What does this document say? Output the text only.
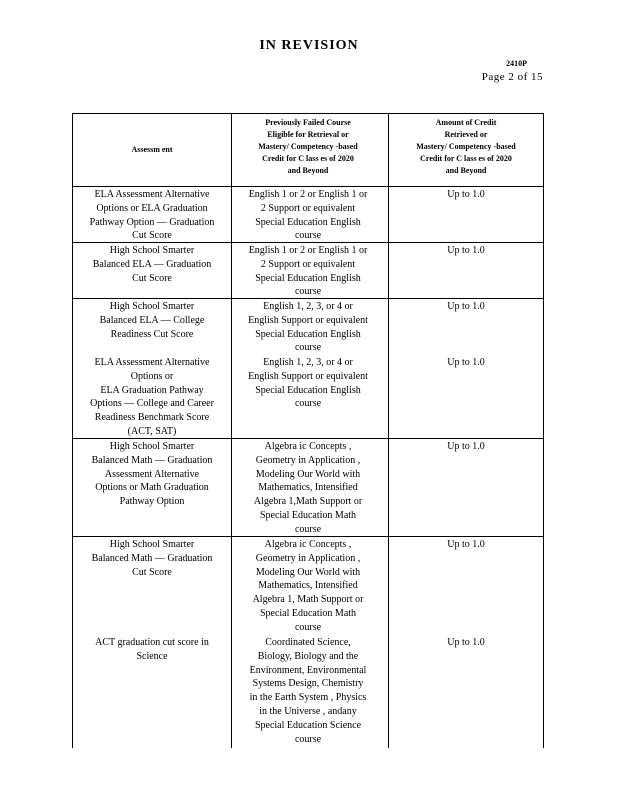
IN REVISION
2410P
Page 2 of 15
Assessm ent
Previously Failed Course
Eligible for Retrieval or
Mastery/ Competency -based
Credit for C lass es of 2020
and Beyond
Amount of Credit
Retrieved or
Mastery/ Competency -based
Credit for C lass es of 2020
and Beyond
ELA Assessment Alternative
Options or ELA Graduation
Pathway Option — Graduation
Cut Score
English 1 or 2 or English 1 or
2 Support or equivalent
Special Education English
course
Up to 1.0
High School Smarter
Balanced ELA — Graduation
Cut Score
English 1 or 2 or English 1 or
2 Support or equivalent
Special Education English
course
Up to 1.0
High School Smarter
Balanced ELA — College
Readiness Cut Score
English 1, 2, 3, or 4 or
English Support or equivalent
Special Education English
course
Up to 1.0
ELA Assessment Alternative
Options or
ELA Graduation Pathway
Options — College and Career
Readiness Benchmark Score
(ACT, SAT)
English 1, 2, 3, or 4 or
English Support or equivalent
Special Education English
course
Up to 1.0
High School Smarter
Balanced Math — Graduation
Assessment Alternative
Options or Math Graduation
Pathway Option
Algebra ic Concepts ,
Geometry in Application ,
Modeling Our World with
Mathematics, Intensified
Algebra 1,Math Support or
Special Education Math
course
Up to 1.0
High School Smarter
Balanced Math — Graduation
Cut Score
Algebra ic Concepts ,
Geometry in Application ,
Modeling Our World with
Mathematics, Intensified
Algebra 1, Math Support or
Special Education Math
course
Up to 1.0
ACT graduation cut score in
Science
Coordinated Science,
Biology, Biology and the
Environment, Environmental
Systems Design, Chemistry
in the Earth System , Physics
in the Universe , andany
Special Education Science
course
Up to 1.0
